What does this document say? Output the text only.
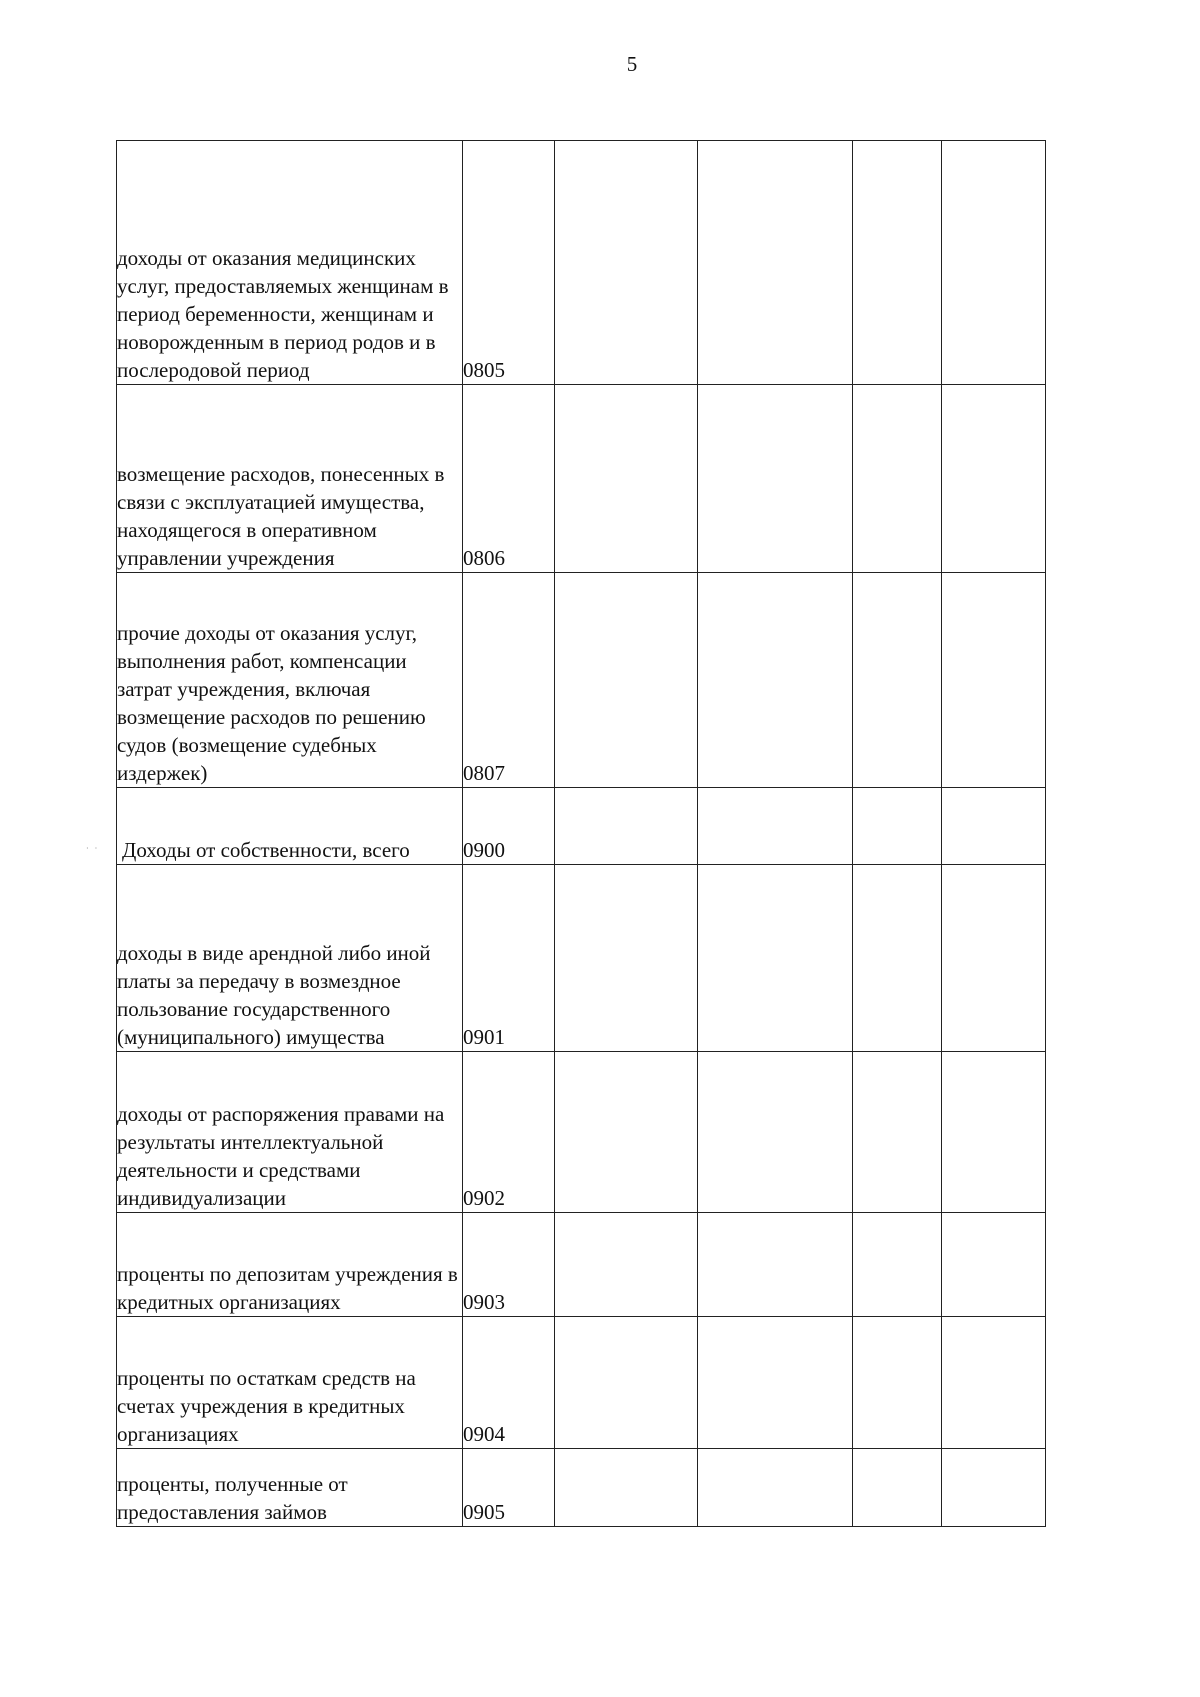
5
· ·
доходы от оказания медицинских услуг, предоставляемых женщинам в период беременности, женщинам и новорожденным в период родов и в послеродовой период	0805				
возмещение расходов, понесенных в связи с эксплуатацией имущества, находящегося в оперативном управлении учреждения	0806				
прочие доходы от оказания услуг, выполнения работ, компенсации затрат учреждения, включая возмещение расходов по решению судов (возмещение судебных издержек)	0807				
Доходы от собственности, всего	0900				
доходы в виде арендной либо иной платы за передачу в возмездное пользование государственного (муниципального) имущества	0901				
доходы от распоряжения правами на результаты интеллектуальной деятельности и средствами индивидуализации	0902				
проценты по депозитам учреждения в кредитных организациях	0903				
проценты по остаткам средств на счетах учреждения в кредитных организациях	0904				
проценты, полученные от предоставления займов	0905				
